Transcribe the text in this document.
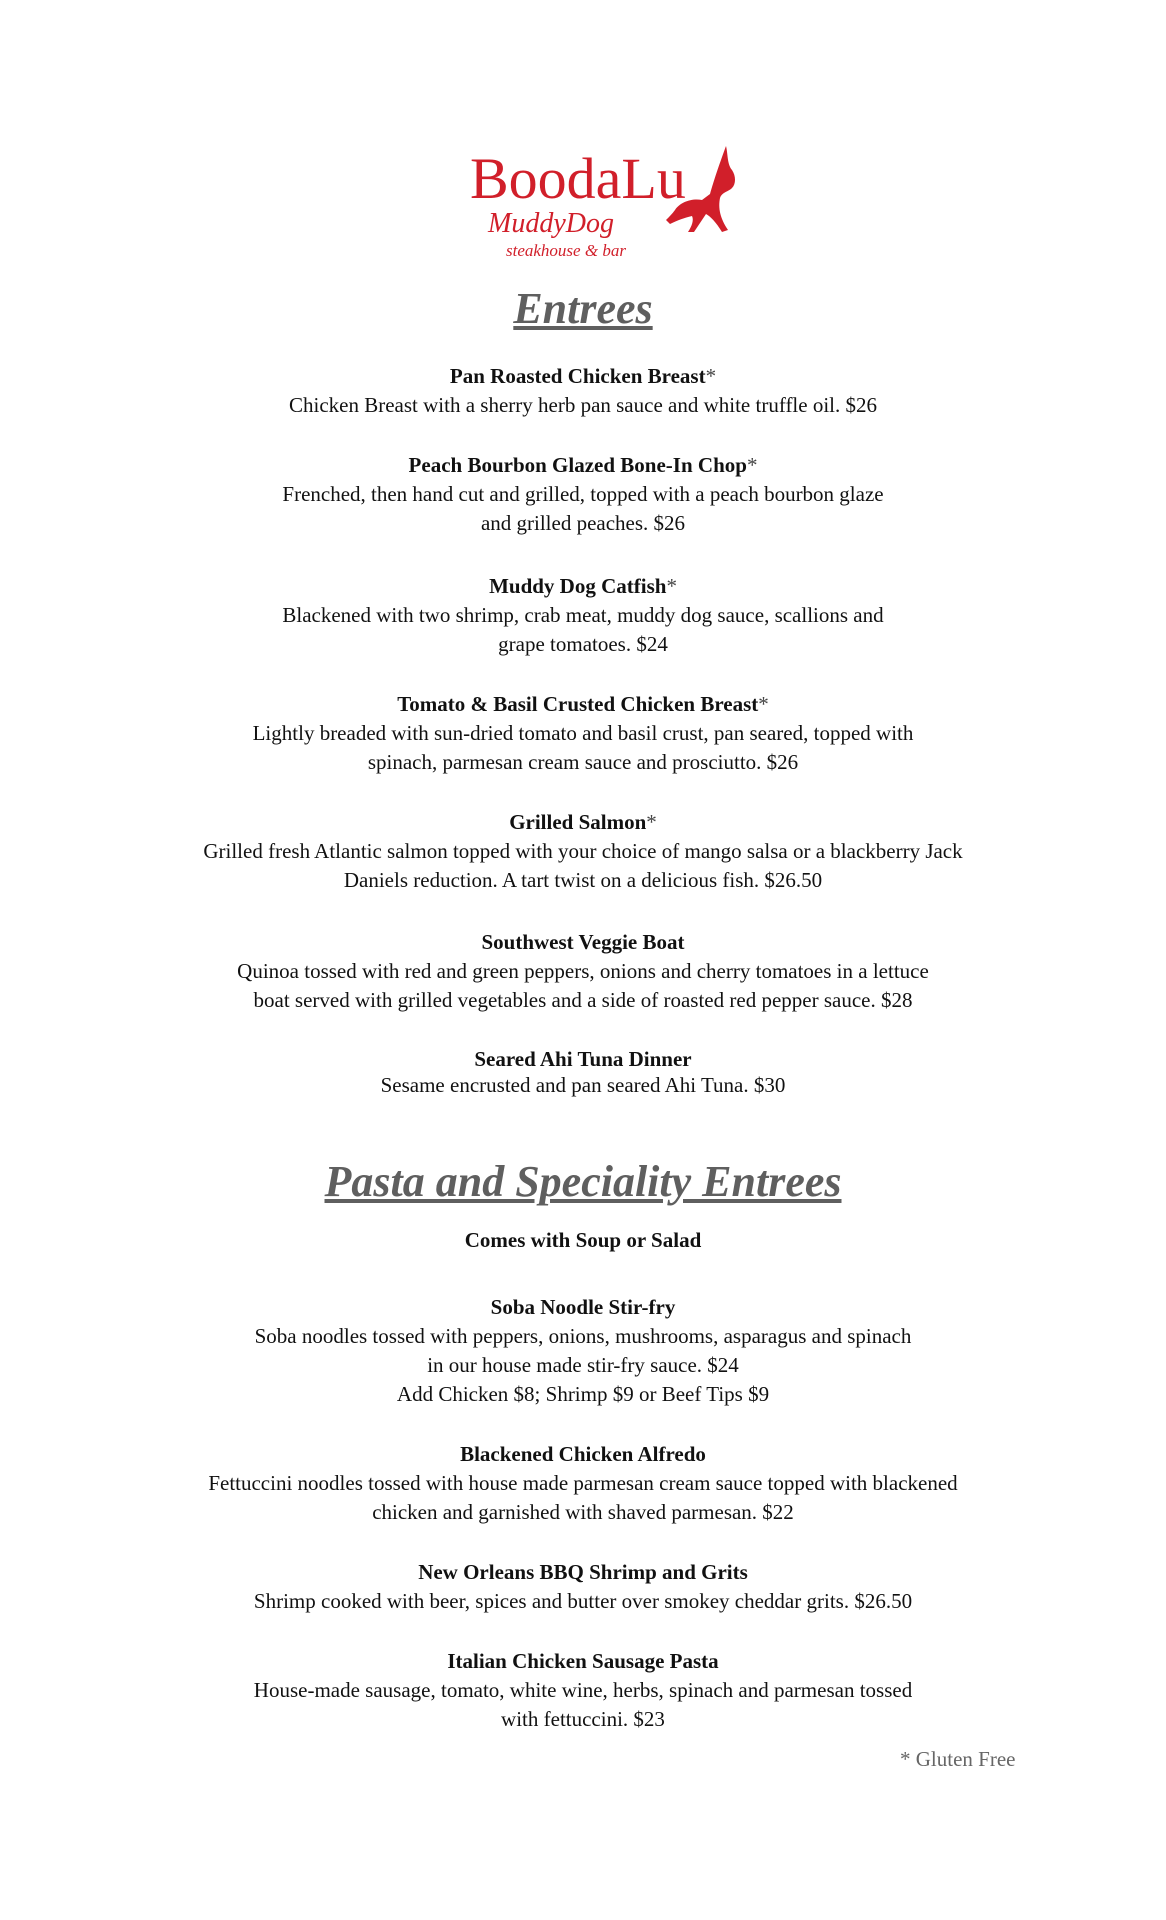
BoodaLu
MuddyDog
steakhouse & bar
Entrees
Pan Roasted Chicken Breast*
Chicken Breast with a sherry herb pan sauce and white truffle oil. $26
Peach Bourbon Glazed Bone-In Chop*
Frenched, then hand cut and grilled, topped with a peach bourbon glaze
and grilled peaches. $26
Muddy Dog Catfish*
Blackened with two shrimp, crab meat, muddy dog sauce, scallions and
grape tomatoes. $24
Tomato & Basil Crusted Chicken Breast*
Lightly breaded with sun-dried tomato and basil crust, pan seared, topped with
spinach, parmesan cream sauce and prosciutto. $26
Grilled Salmon*
Grilled fresh Atlantic salmon topped with your choice of mango salsa or a blackberry Jack
Daniels reduction. A tart twist on a delicious fish. $26.50
Southwest Veggie Boat
Quinoa tossed with red and green peppers, onions and cherry tomatoes in a lettuce
boat served with grilled vegetables and a side of roasted red pepper sauce. $28
Seared Ahi Tuna Dinner
Sesame encrusted and pan seared Ahi Tuna. $30
Pasta and Speciality Entrees
Comes with Soup or Salad
Soba Noodle Stir-fry
Soba noodles tossed with peppers, onions, mushrooms, asparagus and spinach
in our house made stir-fry sauce. $24
Add Chicken $8; Shrimp $9 or Beef Tips $9
Blackened Chicken Alfredo
Fettuccini noodles tossed with house made parmesan cream sauce topped with blackened
chicken and garnished with shaved parmesan. $22
New Orleans BBQ Shrimp and Grits
Shrimp cooked with beer, spices and butter over smokey cheddar grits. $26.50
Italian Chicken Sausage Pasta
House-made sausage, tomato, white wine, herbs, spinach and parmesan tossed
with fettuccini. $23
* Gluten Free
